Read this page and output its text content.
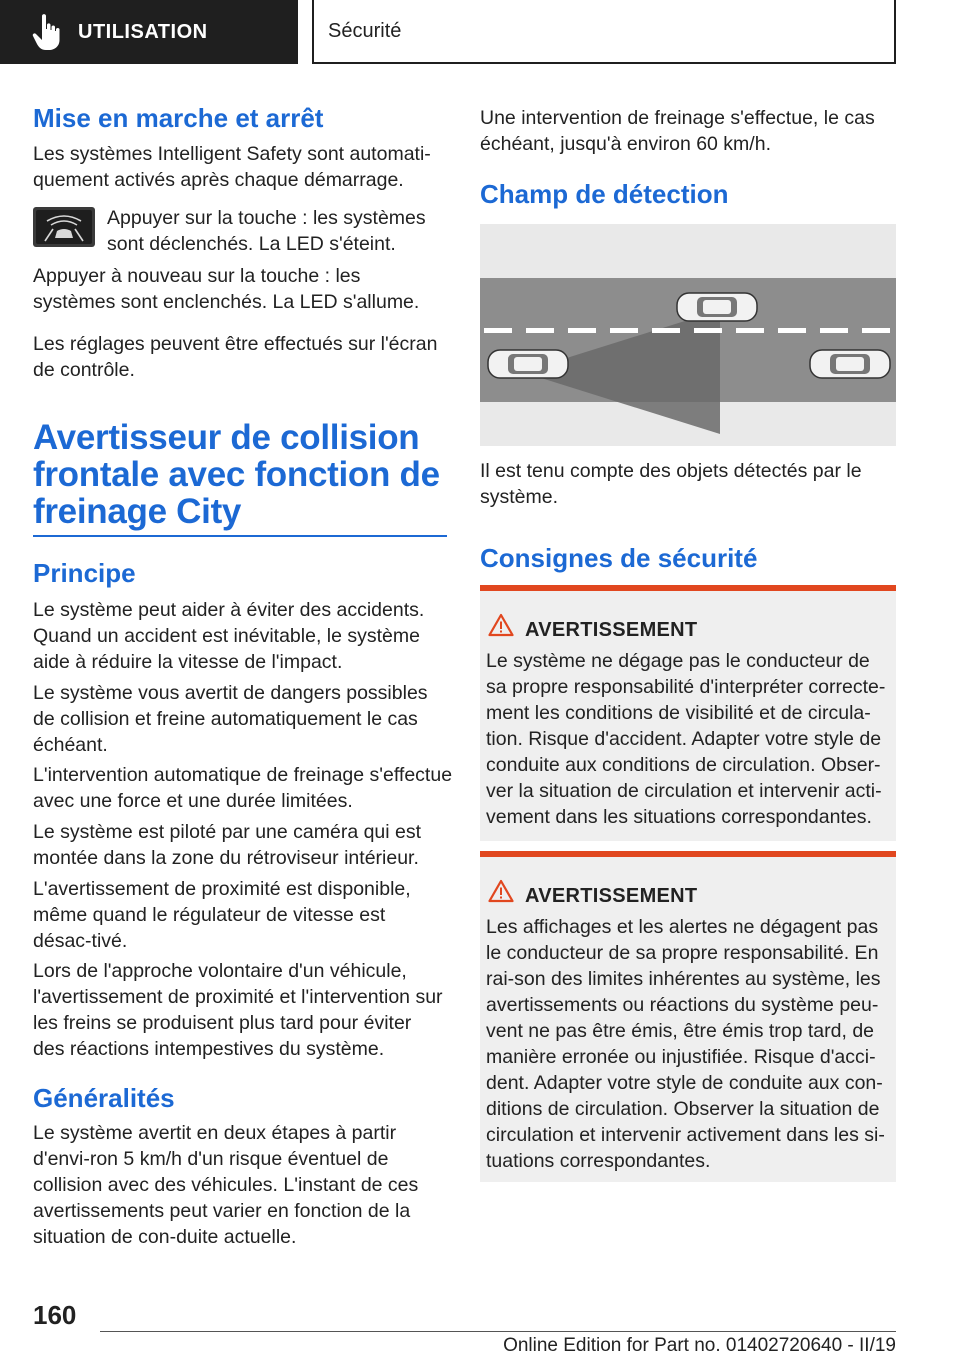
UTILISATION	Sécurité
Mise en marche et arrêt
Les systèmes Intelligent Safety sont automati‐quement activés après chaque démarrage.
Appuyer sur la touche : les systèmes sont déclenchés. La LED s'éteint.
Appuyer à nouveau sur la touche : les systèmes sont enclenchés. La LED s'allume.
Les réglages peuvent être effectués sur l'écran de contrôle.
Avertisseur de collision frontale avec fonction de freinage City
Principe
Le système peut aider à éviter des accidents. Quand un accident est inévitable, le système aide à réduire la vitesse de l'impact.
Le système vous avertit de dangers possibles de collision et freine automatiquement le cas échéant.
L'intervention automatique de freinage s'effectue avec une force et une durée limitées.
Le système est piloté par une caméra qui est montée dans la zone du rétroviseur intérieur.
L'avertissement de proximité est disponible, même quand le régulateur de vitesse est désac‐tivé.
Lors de l'approche volontaire d'un véhicule, l'avertissement de proximité et l'intervention sur les freins se produisent plus tard pour éviter des réactions intempestives du système.
Généralités
Le système avertit en deux étapes à partir d'envi‐ron 5 km/h d'un risque éventuel de collision avec des véhicules. L'instant de ces avertissements peut varier en fonction de la situation de con‐duite actuelle.
Une intervention de freinage s'effectue, le cas échéant, jusqu'à environ 60 km/h.
Champ de détection
Il est tenu compte des objets détectés par le système.
Consignes de sécurité
AVERTISSEMENT
Le système ne dégage pas le conducteur de sa propre responsabilité d'interpréter correcte‐ment les conditions de visibilité et de circula‐tion. Risque d'accident. Adapter votre style de conduite aux conditions de circulation. Obser‐ver la situation de circulation et intervenir acti‐vement dans les situations correspondantes.
AVERTISSEMENT
Les affichages et les alertes ne dégagent pas le conducteur de sa propre responsabilité. En rai‐son des limites inhérentes au système, les avertissements ou réactions du système peu‐vent ne pas être émis, être émis trop tard, de manière erronée ou injustifiée. Risque d'acci‐dent. Adapter votre style de conduite aux con‐ditions de circulation. Observer la situation de circulation et intervenir activement dans les si‐tuations correspondantes.
160
Online Edition for Part no. 01402720640 - II/19
